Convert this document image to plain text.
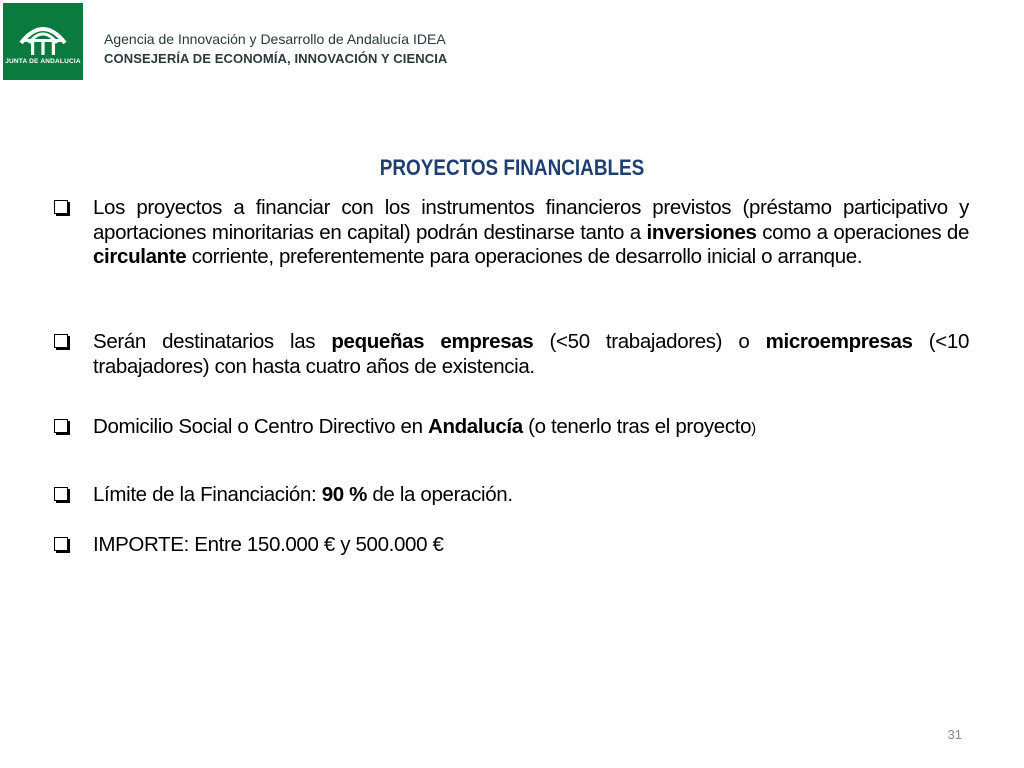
JUNTA DE ANDALUCIA
Agencia de Innovación y Desarrollo de Andalucía IDEA
CONSEJERÍA DE ECONOMÍA, INNOVACIÓN Y CIENCIA
PROYECTOS FINANCIABLES
Los proyectos a financiar con los instrumentos financieros previstos (préstamo participativo y aportaciones minoritarias en capital) podrán destinarse tanto a inversiones como a operaciones de circulante corriente, preferentemente para operaciones de desarrollo inicial o arranque.
Serán destinatarios las pequeñas empresas (<50 trabajadores) o microempresas (<10 trabajadores) con hasta cuatro años de existencia.
Domicilio Social o Centro Directivo en Andalucía (o tenerlo tras el proyecto)
Límite de la Financiación: 90 % de la operación.
IMPORTE: Entre 150.000 € y 500.000 €
31
